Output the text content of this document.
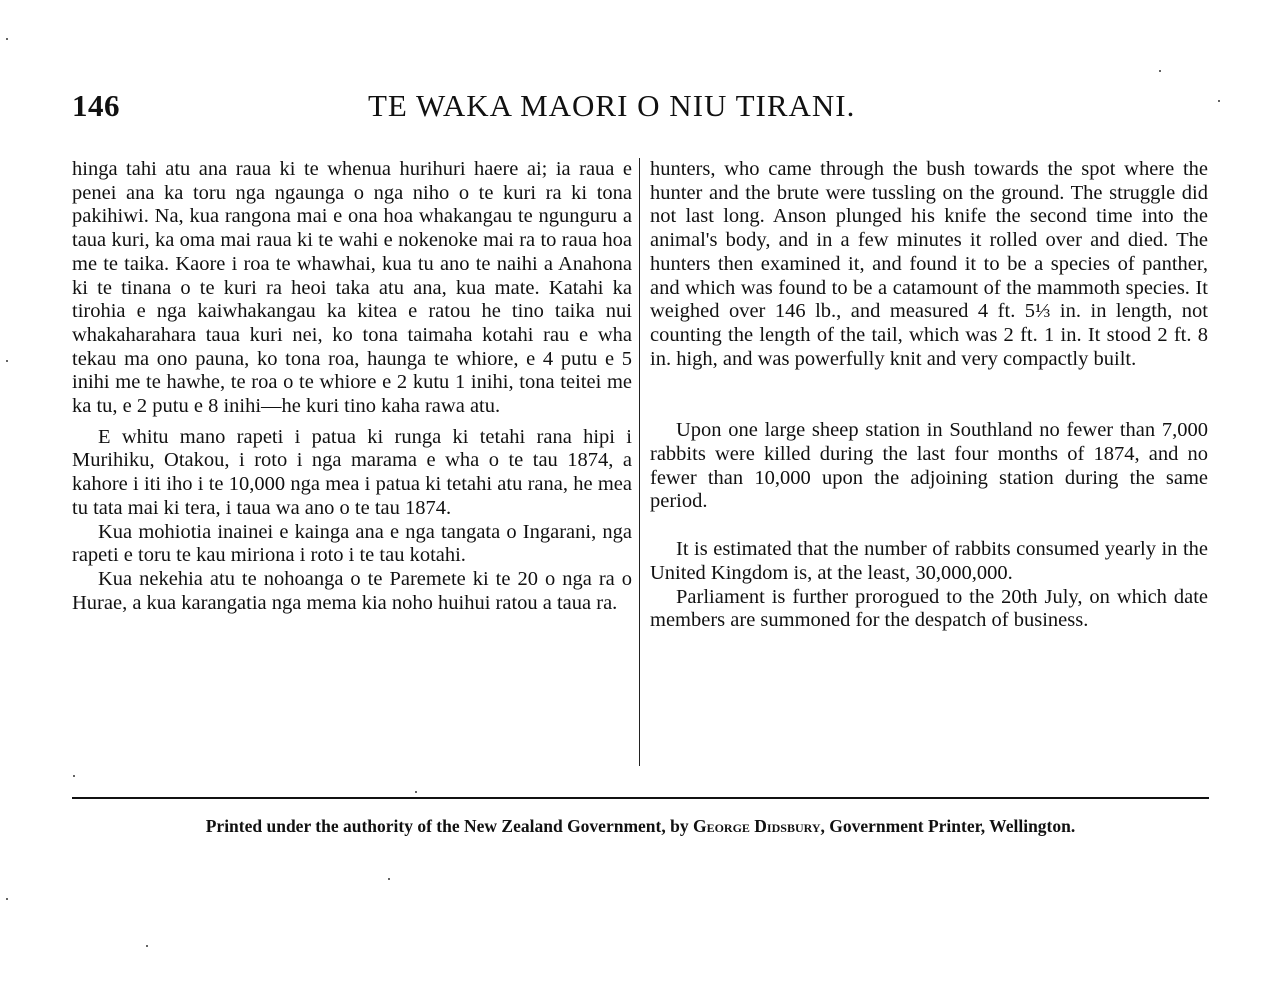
146	TE WAKA MAORI O NIU TIRANI.

hinga tahi atu ana raua ki te whenua hurihuri haere ai; ia raua e penei ana ka toru nga ngaunga o nga niho o te kuri ra ki tona pakihiwi. Na, kua rangona mai e ona hoa whakangau te ngunguru a taua kuri, ka oma mai raua ki te wahi e nokenoke mai ra to raua hoa me te taika. Kaore i roa te whawhai, kua tu ano te naihi a Anahona ki te tinana o te kuri ra heoi taka atu ana, kua mate. Katahi ka tirohia e nga kaiwhakangau ka kitea e ratou he tino taika nui whakaharahara taua kuri nei, ko tona taimaha kotahi rau e wha tekau ma ono pauna, ko tona roa, haunga te whiore, e 4 putu e 5 inihi me te hawhe, te roa o te whiore e 2 kutu 1 inihi, tona teitei me ka tu, e 2 putu e 8 inihi—he kuri tino kaha rawa atu.

E whitu mano rapeti i patua ki runga ki tetahi rana hipi i Murihiku, Otakou, i roto i nga marama e wha o te tau 1874, a kahore i iti iho i te 10,000 nga mea i patua ki tetahi atu rana, he mea tu tata mai ki tera, i taua wa ano o te tau 1874.

Kua mohiotia inainei e kainga ana e nga tangata o Ingarani, nga rapeti e toru te kau miriona i roto i te tau kotahi.

Kua nekehia atu te nohoanga o te Paremete ki te 20 o nga ra o Hurae, a kua karangatia nga mema kia noho huihui ratou a taua ra.

hunters, who came through the bush towards the spot where the hunter and the brute were tussling on the ground. The struggle did not last long. Anson plunged his knife the second time into the animal's body, and in a few minutes it rolled over and died. The hunters then examined it, and found it to be a species of panther, and which was found to be a catamount of the mammoth species. It weighed over 146 lb., and measured 4 ft. 5⅓ in. in length, not counting the length of the tail, which was 2 ft. 1 in. It stood 2 ft. 8 in. high, and was powerfully knit and very compactly built.

Upon one large sheep station in Southland no fewer than 7,000 rabbits were killed during the last four months of 1874, and no fewer than 10,000 upon the adjoining station during the same period.

It is estimated that the number of rabbits consumed yearly in the United Kingdom is, at the least, 30,000,000.

Parliament is further prorogued to the 20th July, on which date members are summoned for the despatch of business.

Printed under the authority of the New Zealand Government, by George Didsbury, Government Printer, Wellington.
